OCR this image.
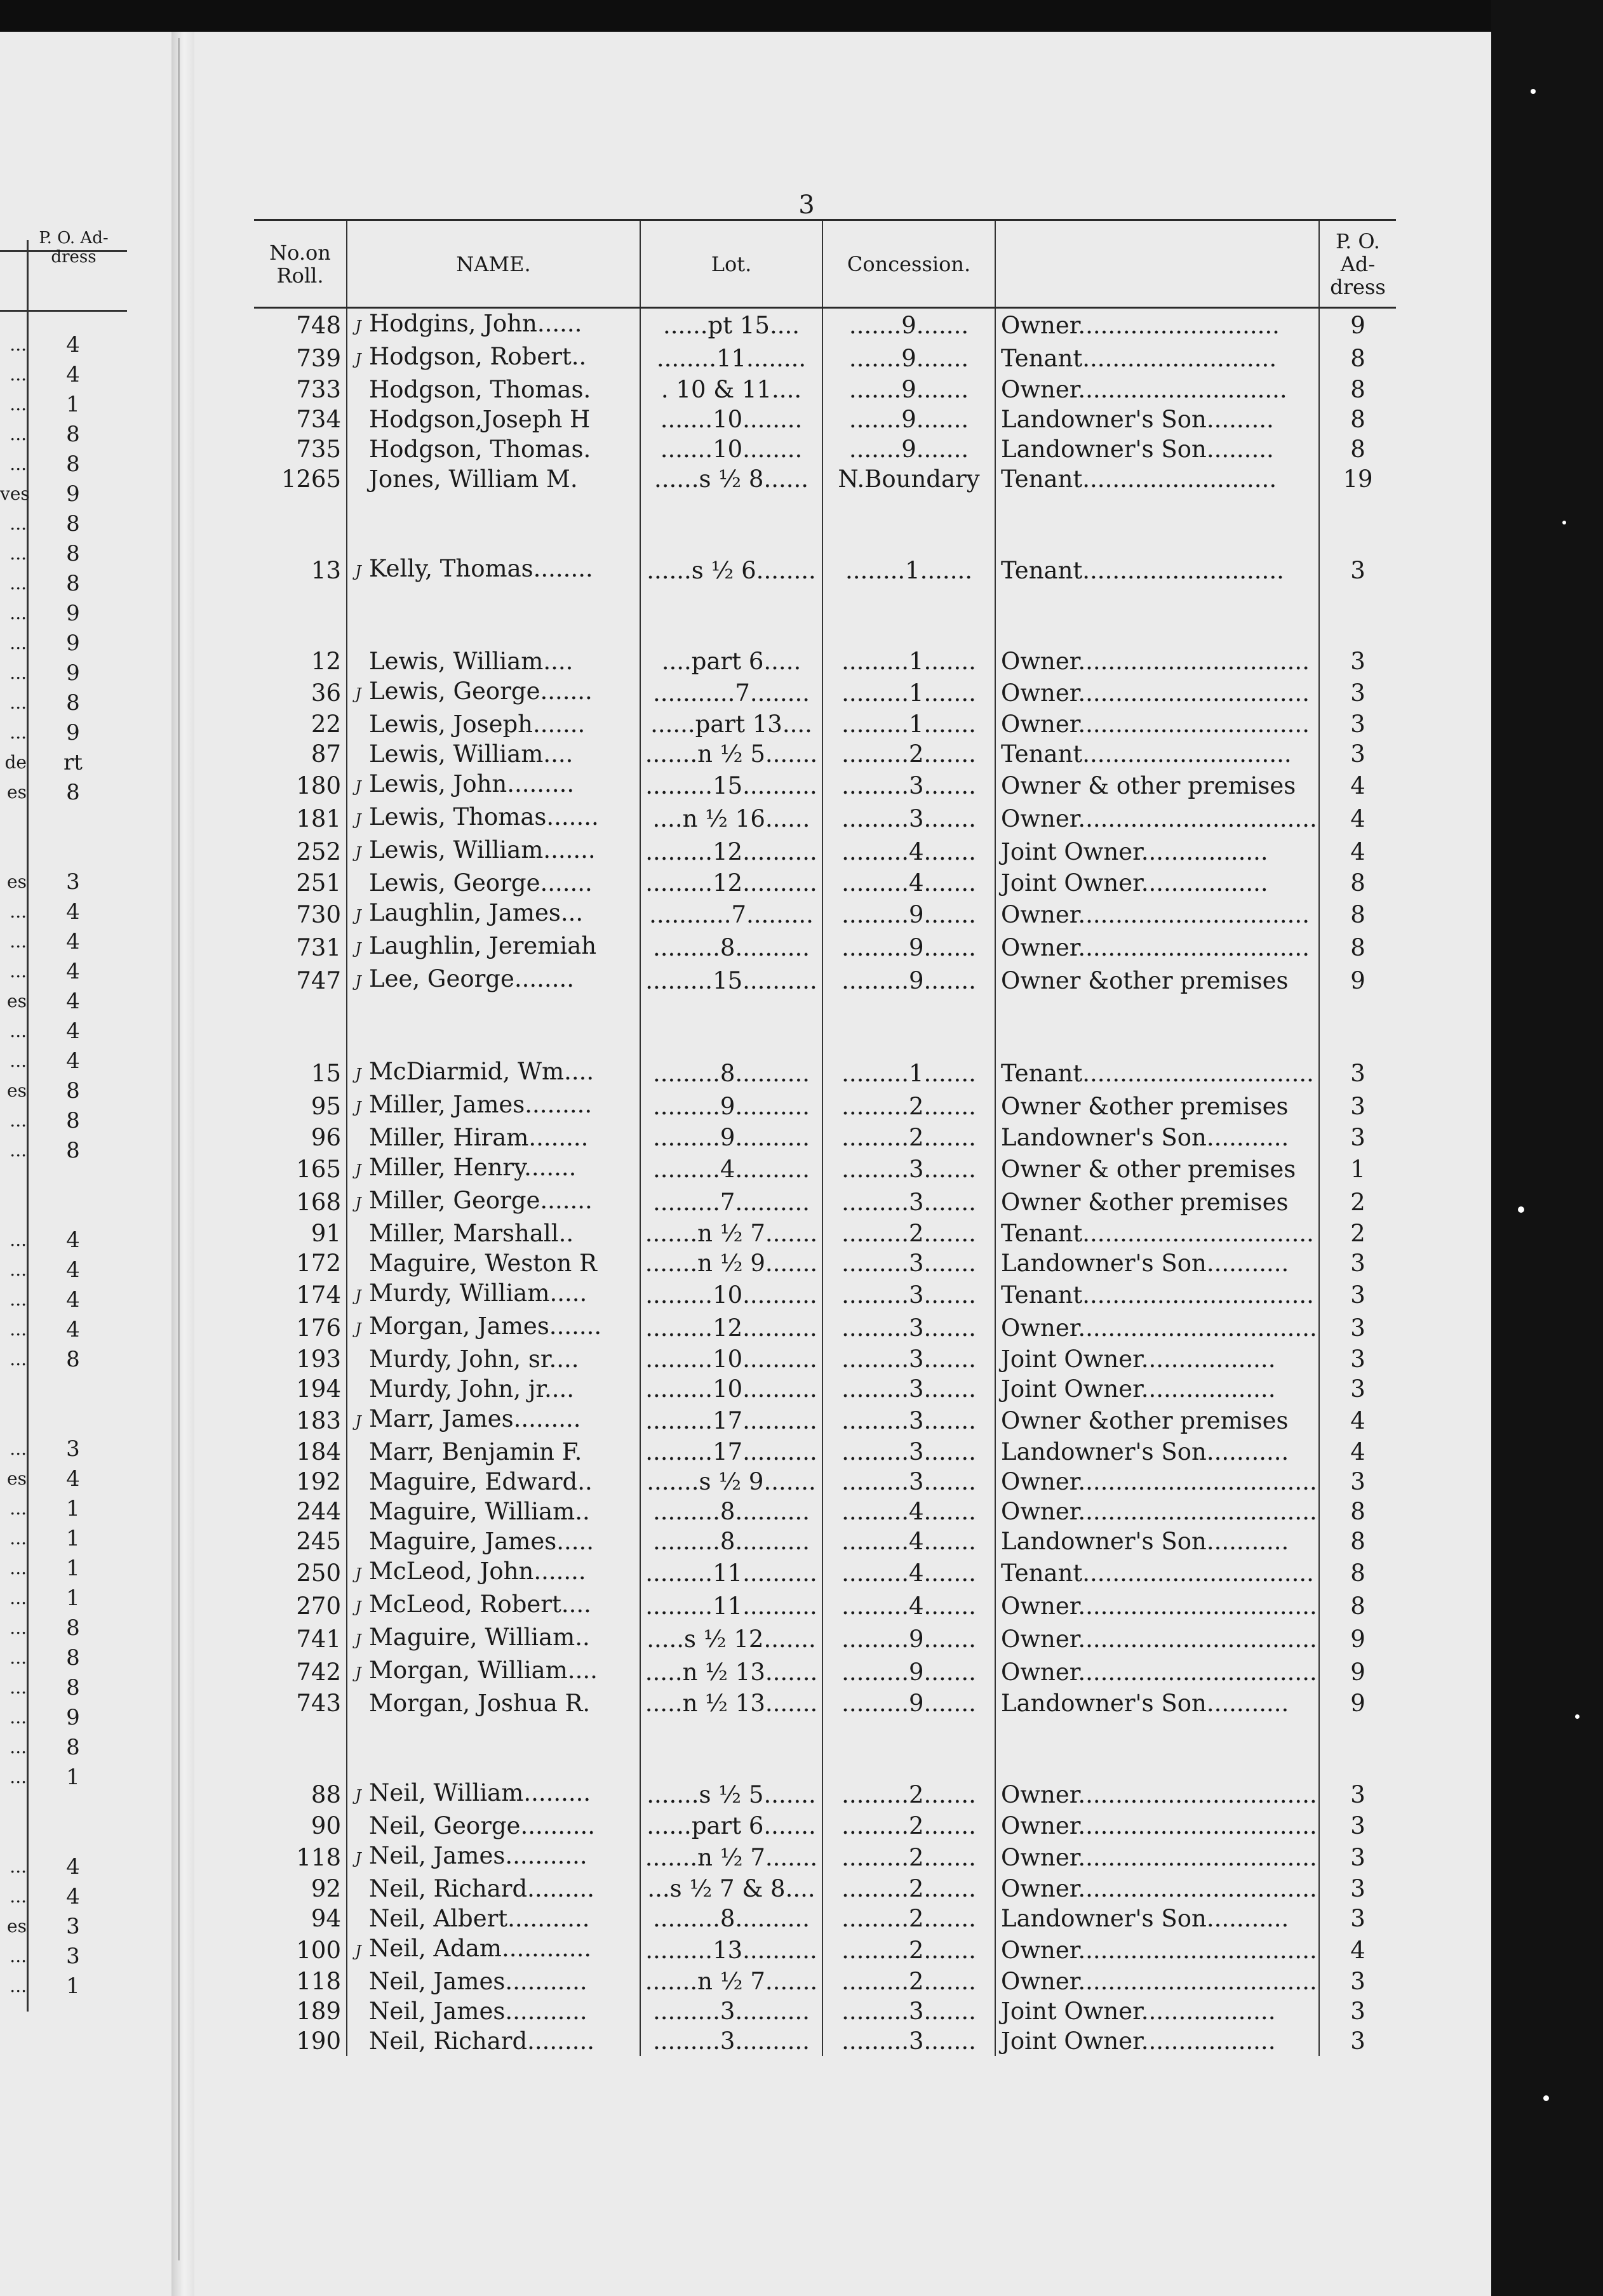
P. O. Ad- dress
...	4
...	4
...	1
...	8
...	8
ves	9
...	8
...	8
...	8
...	9
...	9
...	9
...	8
...	9
de rt
es	8
es	3
...	4
...	4
...	4
es	4
...	4
...	4
es	8
...	8
...	8
...	4
...	4
...	4
...	4
...	8
...	3
es	4
...	1
...	1
...	1
...	1
...	8
...	8
...	8
...	9
...	8
...	1
...	4
...	4
es	3
...	3
...	1
3
No.on Roll.	NAME.	Lot.	Concession.		P. O. Ad- dress
748	J Hodgins, John......	......pt 15....	.......9.......	Owner...........................	9
739	J Hodgson, Robert..	........11........	.......9.......	Tenant..........................	8
733	Hodgson, Thomas.	. 10 & 11....	.......9.......	Owner............................	8
734	Hodgson,Joseph H	.......10........	.......9.......	Landowner's Son.........	8
735	Hodgson, Thomas.	.......10........	.......9.......	Landowner's Son.........	8
1265	Jones, William M.	......s ½ 8......	N.Boundary	Tenant..........................	19

13	J Kelly, Thomas........	......s ½ 6........	........1.......	Tenant...........................	3

12	Lewis, William....	....part 6.....	.........1.......	Owner...............................	3
36	J Lewis, George.......	...........7........	.........1.......	Owner...............................	3
22	Lewis, Joseph.......	......part 13....	.........1.......	Owner...............................	3
87	Lewis, William....	.......n ½ 5.......	.........2.......	Tenant............................	3
180	J Lewis, John.........	.........15..........	.........3.......	Owner & other premises	4
181	J Lewis, Thomas.......	....n ½ 16......	.........3.......	Owner................................	4
252	J Lewis, William.......	.........12..........	.........4.......	Joint Owner.................	4
251	Lewis, George.......	.........12..........	.........4.......	Joint Owner.................	8
730	J Laughlin, James...	...........7.........	.........9.......	Owner...............................	8
731	J Laughlin, Jeremiah	.........8..........	.........9.......	Owner...............................	8
747	J Lee, George........	.........15..........	.........9.......	Owner &other premises	9

15	J McDiarmid, Wm....	.........8..........	.........1.......	Tenant...............................	3
95	J Miller, James.........	.........9..........	.........2.......	Owner &other premises	3
96	Miller, Hiram........	.........9..........	.........2.......	Landowner's Son...........	3
165	J Miller, Henry.......	.........4..........	.........3.......	Owner & other premises	1
168	J Miller, George.......	.........7..........	.........3.......	Owner &other premises	2
91	Miller, Marshall..	.......n ½ 7.......	.........2.......	Tenant...............................	2
172	Maguire, Weston R	.......n ½ 9.......	.........3.......	Landowner's Son...........	3
174	J Murdy, William.....	.........10..........	.........3.......	Tenant...............................	3
176	J Morgan, James.......	.........12..........	.........3.......	Owner................................	3
193	Murdy, John, sr....	.........10..........	.........3.......	Joint Owner..................	3
194	Murdy, John, jr....	.........10..........	.........3.......	Joint Owner..................	3
183	J Marr, James.........	.........17..........	.........3.......	Owner &other premises	4
184	Marr, Benjamin F.	.........17..........	.........3.......	Landowner's Son...........	4
192	Maguire, Edward..	.......s ½ 9.......	.........3.......	Owner................................	3
244	Maguire, William..	.........8..........	.........4.......	Owner................................	8
245	Maguire, James.....	.........8..........	.........4.......	Landowner's Son...........	8
250	J McLeod, John.......	.........11..........	.........4.......	Tenant...............................	8
270	J McLeod, Robert....	.........11..........	.........4.......	Owner................................	8
741	J Maguire, William..	.....s ½ 12.......	.........9.......	Owner................................	9
742	J Morgan, William....	.....n ½ 13.......	.........9.......	Owner................................	9
743	Morgan, Joshua R.	.....n ½ 13.......	.........9.......	Landowner's Son...........	9

88	J Neil, William.........	.......s ½ 5.......	.........2.......	Owner................................	3
90	Neil, George..........	......part 6.......	.........2.......	Owner................................	3
118	J Neil, James...........	.......n ½ 7.......	.........2.......	Owner................................	3
92	Neil, Richard.........	...s ½ 7 & 8....	.........2.......	Owner................................	3
94	Neil, Albert...........	.........8..........	.........2.......	Landowner's Son...........	3
100	J Neil, Adam............	.........13..........	.........2.......	Owner................................	4
118	Neil, James...........	.......n ½ 7.......	.........2.......	Owner................................	3
189	Neil, James...........	.........3..........	.........3.......	Joint Owner..................	3
190	Neil, Richard.........	.........3..........	.........3.......	Joint Owner..................	3
